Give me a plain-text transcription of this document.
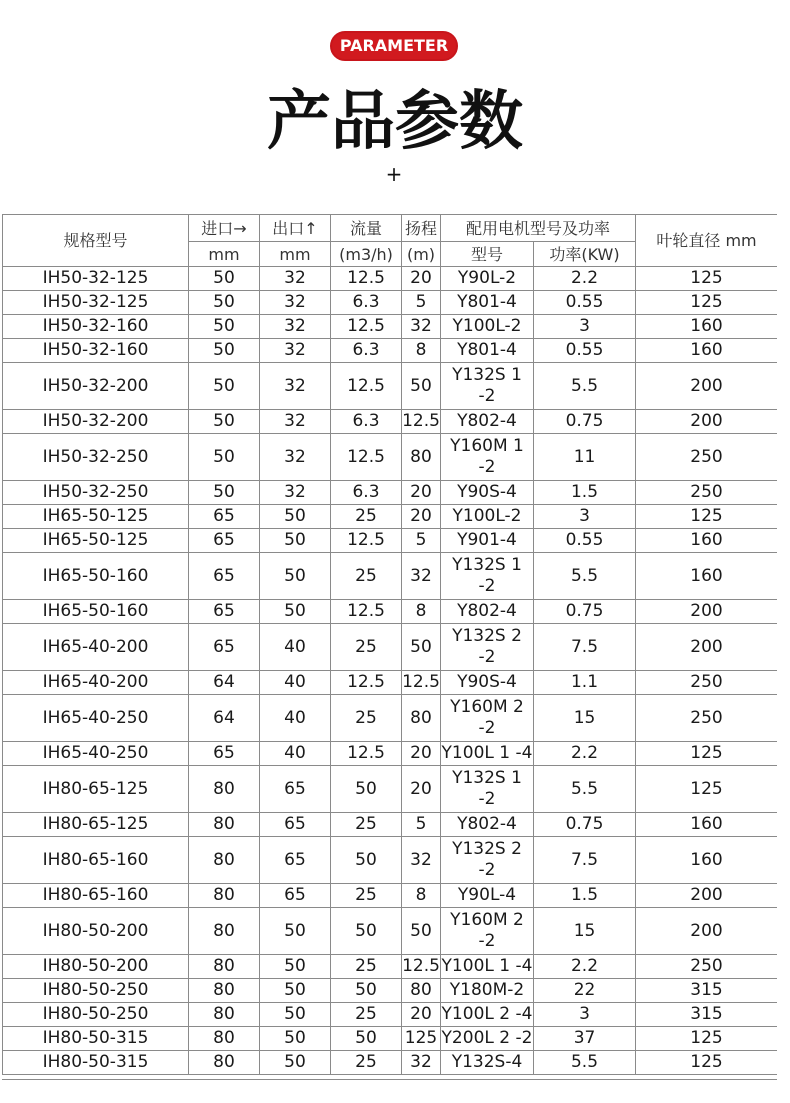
PARAMETER
产品参数
+
规格型号	进口→	出口↑	流量	扬程	配用电机型号及功率		叶轮直径 mm
	mm	mm	(m3/h)	(m)	型号	功率(KW)	
IH50-32-125	50	32	12.5	20	Y90L-2	2.2	125
IH50-32-125	50	32	6.3	5	Y801-4	0.55	125
IH50-32-160	50	32	12.5	32	Y100L-2	3	160
IH50-32-160	50	32	6.3	8	Y801-4	0.55	160
IH50-32-200	50	32	12.5	50	Y132S 1 -2	5.5	200
IH50-32-200	50	32	6.3	12.5	Y802-4	0.75	200
IH50-32-250	50	32	12.5	80	Y160M 1 -2	11	250
IH50-32-250	50	32	6.3	20	Y90S-4	1.5	250
IH65-50-125	65	50	25	20	Y100L-2	3	125
IH65-50-125	65	50	12.5	5	Y901-4	0.55	160
IH65-50-160	65	50	25	32	Y132S 1 -2	5.5	160
IH65-50-160	65	50	12.5	8	Y802-4	0.75	200
IH65-40-200	65	40	25	50	Y132S 2 -2	7.5	200
IH65-40-200	64	40	12.5	12.5	Y90S-4	1.1	250
IH65-40-250	64	40	25	80	Y160M 2 -2	15	250
IH65-40-250	65	40	12.5	20	Y100L 1 -4	2.2	125
IH80-65-125	80	65	50	20	Y132S 1 -2	5.5	125
IH80-65-125	80	65	25	5	Y802-4	0.75	160
IH80-65-160	80	65	50	32	Y132S 2 -2	7.5	160
IH80-65-160	80	65	25	8	Y90L-4	1.5	200
IH80-50-200	80	50	50	50	Y160M 2 -2	15	200
IH80-50-200	80	50	25	12.5	Y100L 1 -4	2.2	250
IH80-50-250	80	50	50	80	Y180M-2	22	315
IH80-50-250	80	50	25	20	Y100L 2 -4	3	315
IH80-50-315	80	50	50	125	Y200L 2 -2	37	125
IH80-50-315	80	50	25	32	Y132S-4	5.5	125
